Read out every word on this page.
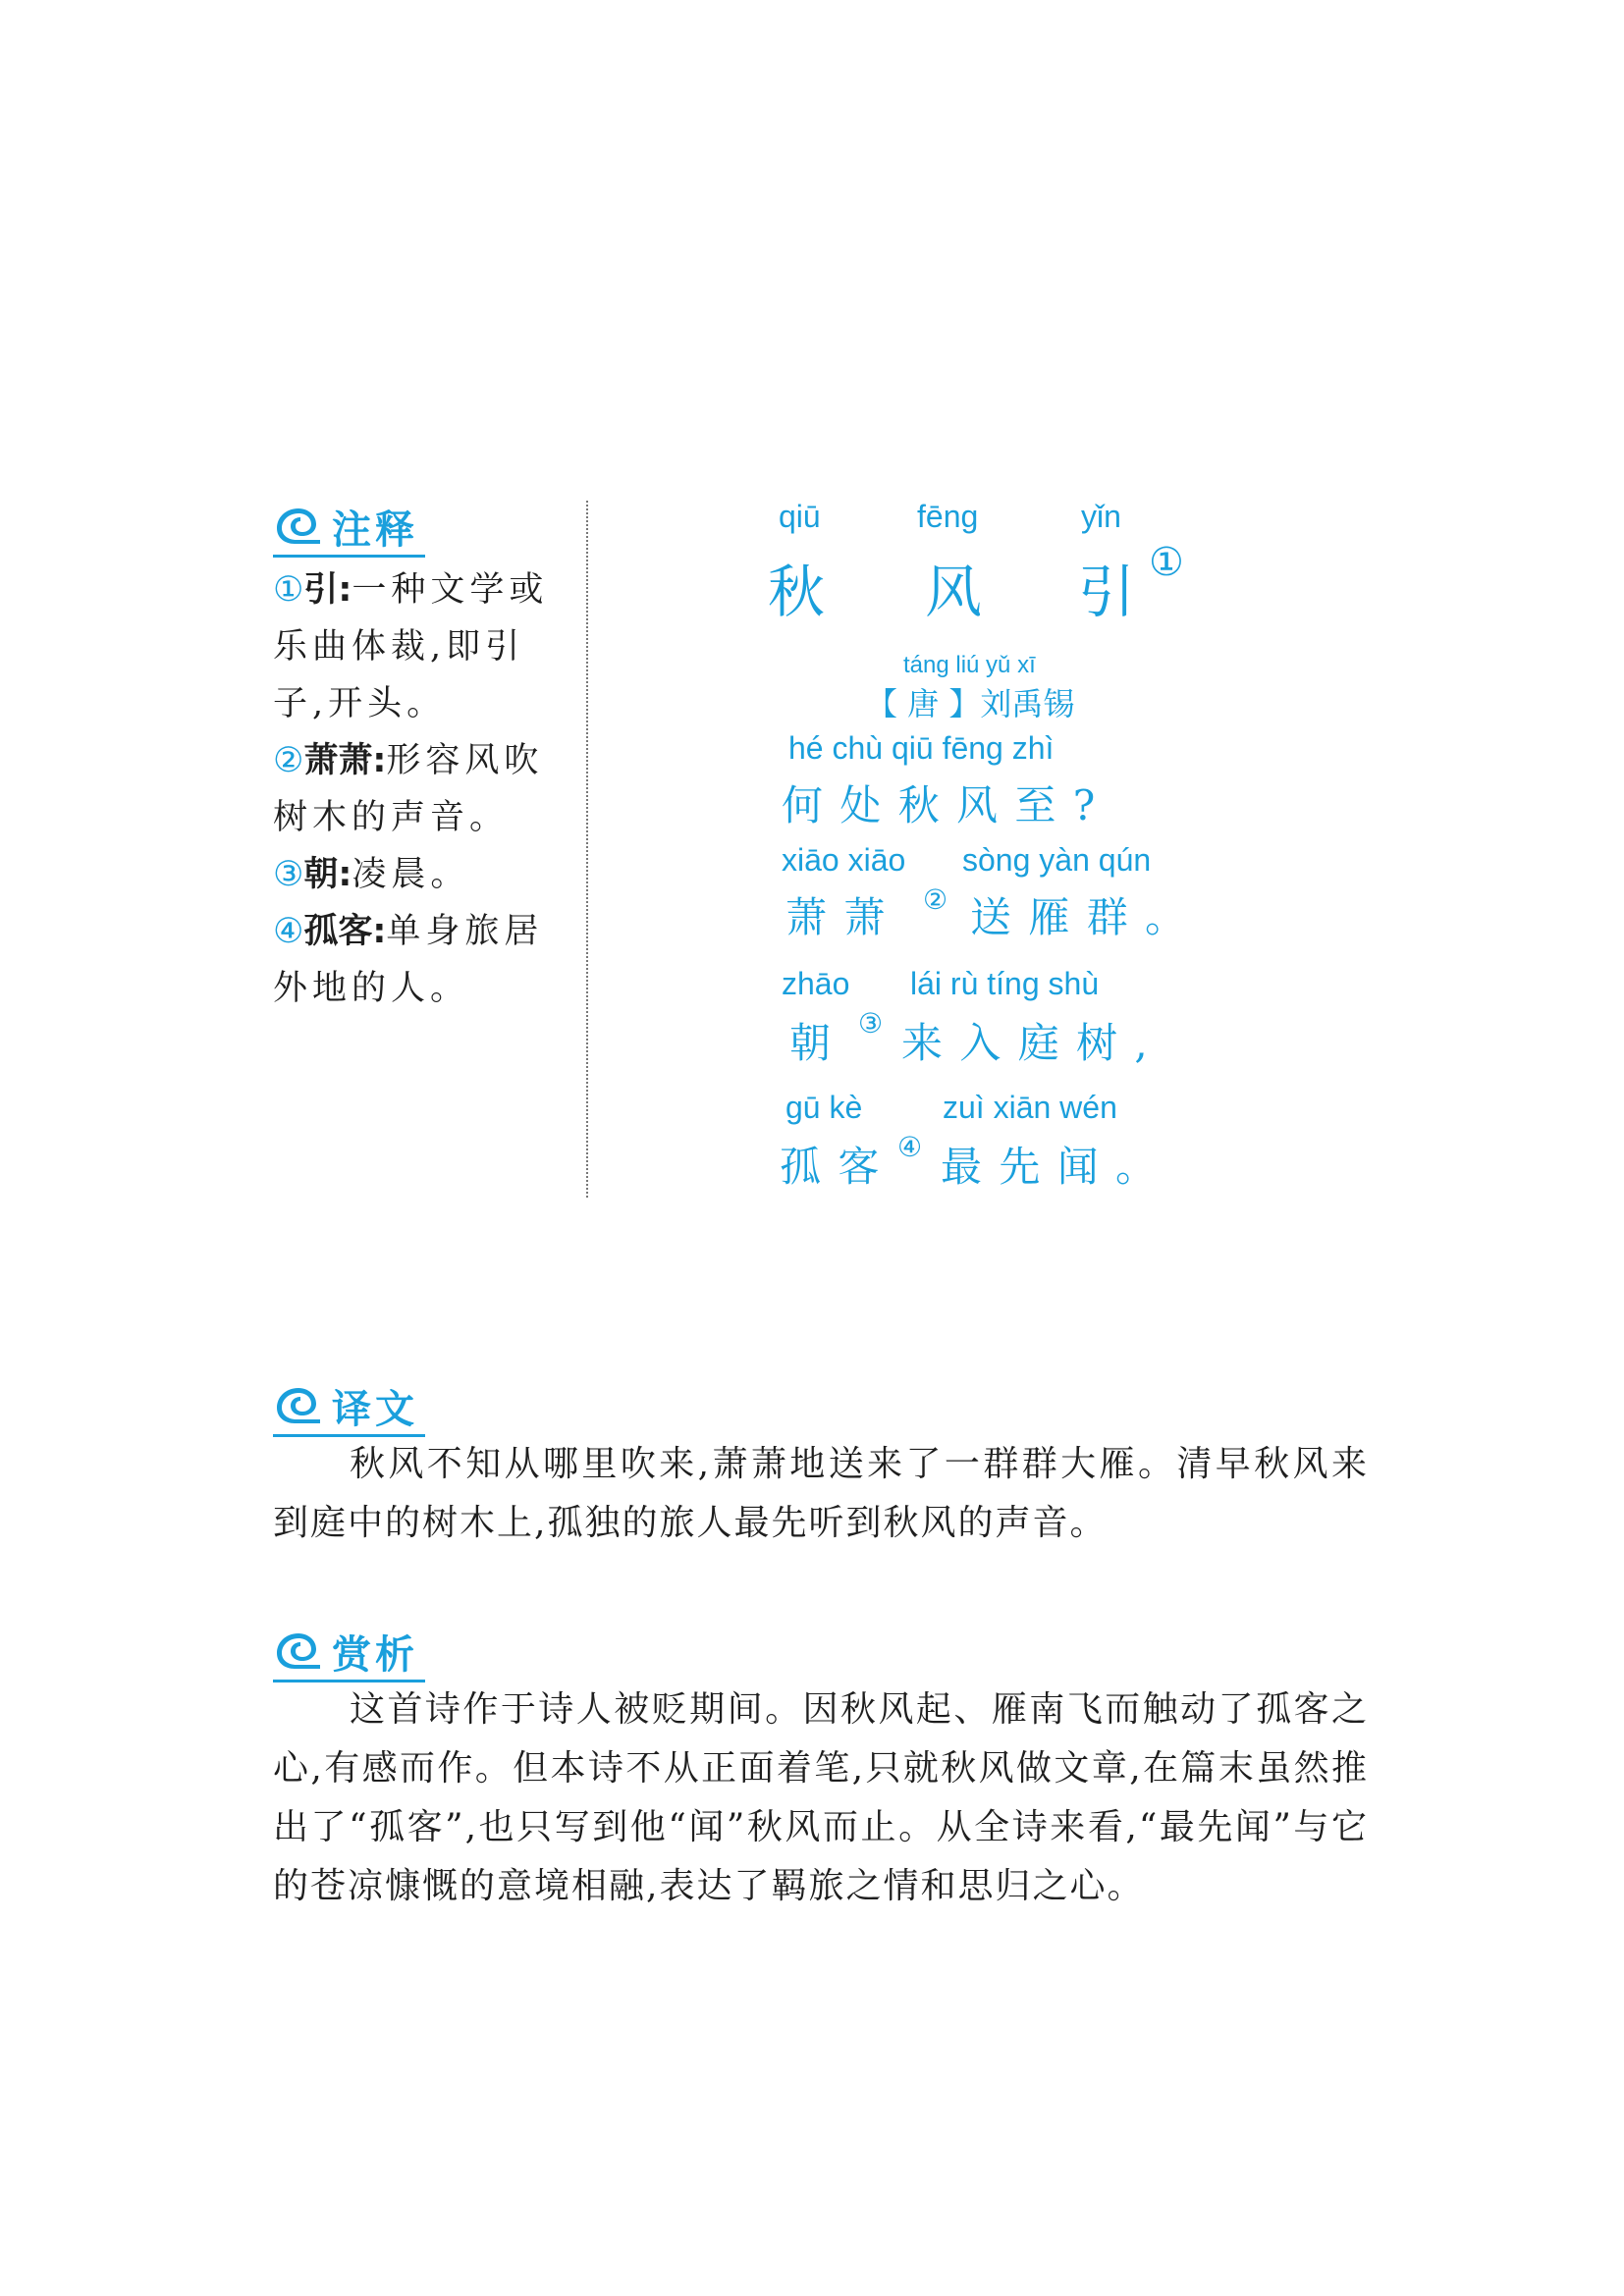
注释
①引:一种文学或乐曲体裁,即引子,开头。
②萧萧:形容风吹树木的声音。
③朝:凌晨。
④孤客:单身旅居外地的人。
qiū	fēng	yǐn
秋 风 引 ①
táng liú yǔ xī
【 唐 】刘禹锡
hé chù qiū fēng zhì
何 处 秋 风 至 ?
xiāo xiāo sòng yàn qún
萧 萧 ② 送 雁 群 。
zhāo lái rù tíng shù
朝 ③ 来 入 庭 树 ,
gū kè	zuì xiān wén
孤 客 ④ 最 先 闻 。
译文
秋风不知从哪里吹来,萧萧地送来了一群群大雁。清早秋风来到庭中的树木上,孤独的旅人最先听到秋风的声音。
赏析
这首诗作于诗人被贬期间。因秋风起、雁南飞而触动了孤客之心,有感而作。但本诗不从正面着笔,只就秋风做文章,在篇末虽然推出了“孤客”,也只写到他“闻”秋风而止。从全诗来看,“最先闻”与它的苍凉慷慨的意境相融,表达了羁旅之情和思归之心。
